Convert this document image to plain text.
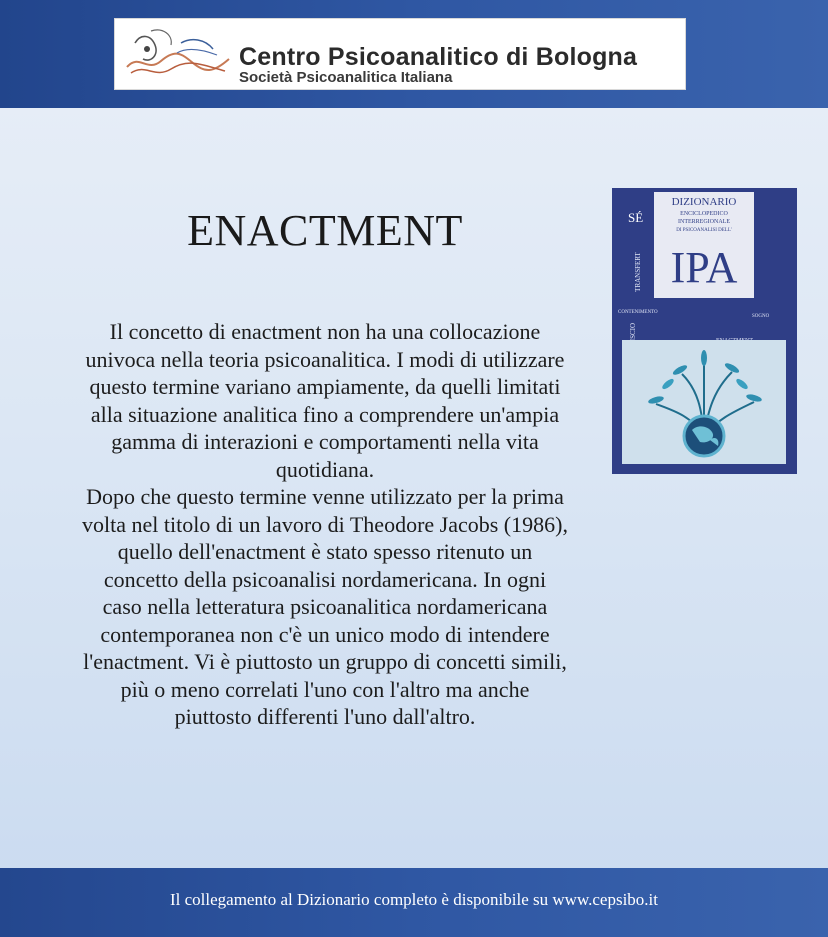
Centro Psicoanalitico di Bologna
Società Psicoanalitica Italiana
ENACTMENT

Il concetto di enactment non ha una collocazione univoca nella teoria psicoanalitica. I modi di utilizzare questo termine variano ampiamente, da quelli limitati alla situazione analitica fino a comprendere un'ampia gamma di interazioni e comportamenti nella vita quotidiana.

Dopo che questo termine venne utilizzato per la prima volta nel titolo di un lavoro di Theodore Jacobs (1986), quello dell'enactment è stato spesso ritenuto un concetto della psicoanalisi nordamericana. In ogni caso nella letteratura psicoanalitica nordamericana contemporanea non c'è un unico modo di intendere l'enactment. Vi è piuttosto un gruppo di concetti simili, più o meno correlati l'uno con l'altro ma anche piuttosto differenti l'uno dall'altro.

SÉ
TRANSFERT
CONTENIMENTO
SOGNO
DIZIONARIO
ENCICLOPEDICO
INTERREGIONALE
DI PSICOANALISI DELL'
IPA
Il collegamento al Dizionario completo è disponibile su www.cepsibo.it
